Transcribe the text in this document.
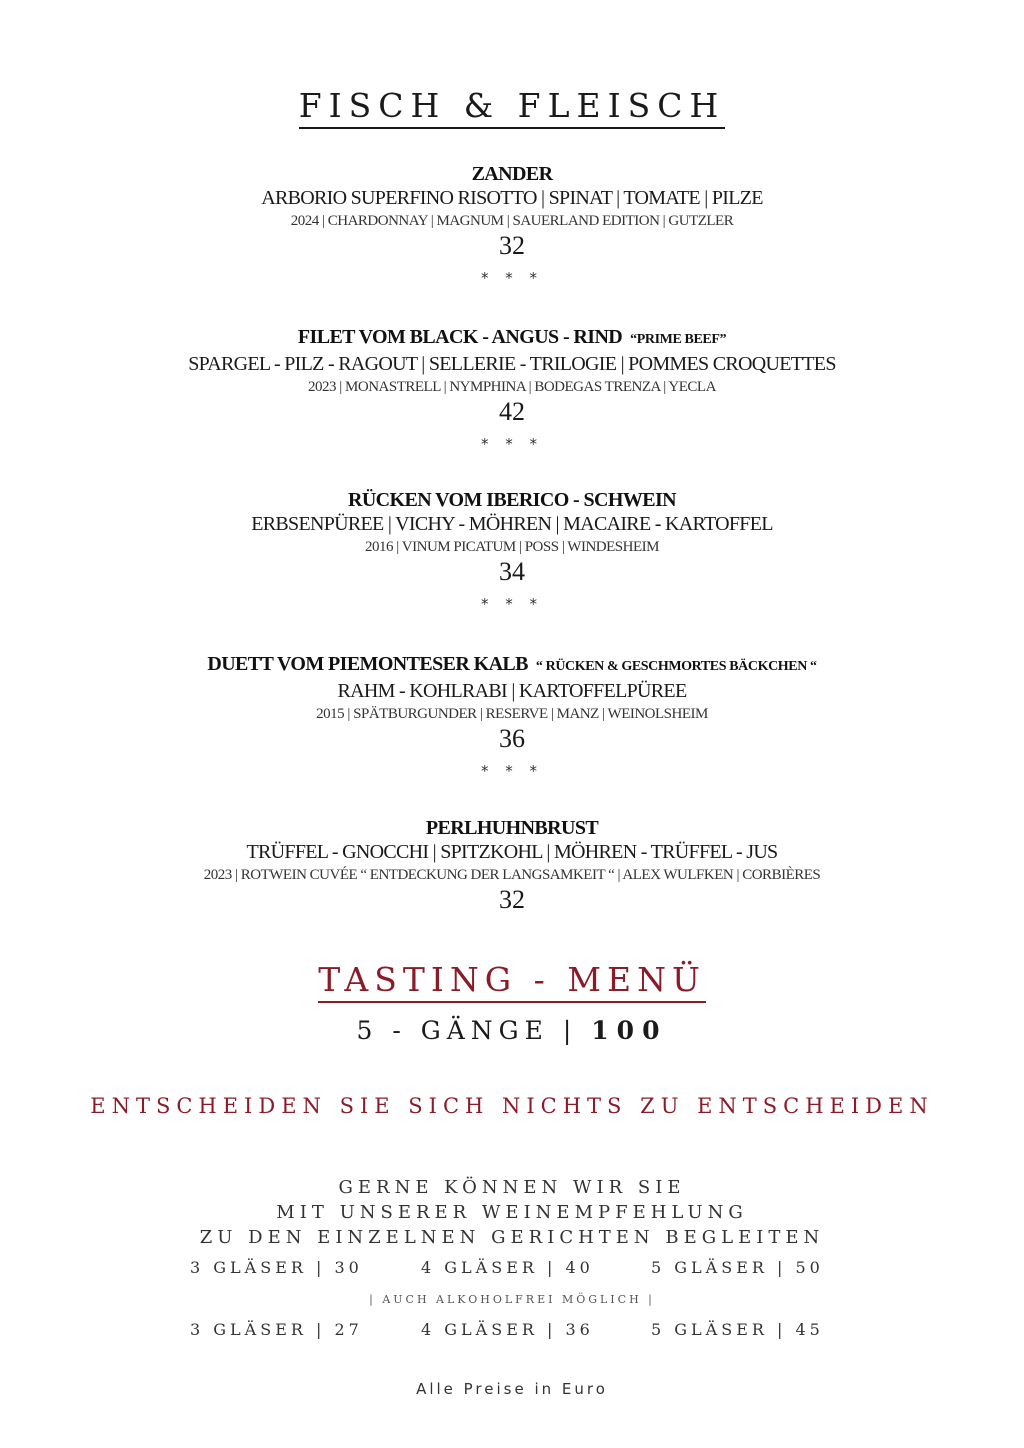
FISCH & FLEISCH
ZANDER
ARBORIO SUPERFINO RISOTTO | SPINAT | TOMATE | PILZE
2024 | CHARDONNAY | MAGNUM | SAUERLAND EDITION | GUTZLER
32
* * *
FILET VOM BLACK - ANGUS - RIND “PRIME BEEF”
SPARGEL - PILZ - RAGOUT | SELLERIE - TRILOGIE | POMMES CROQUETTES
2023 | MONASTRELL | NYMPHINA | BODEGAS TRENZA | YECLA
42
* * *
RÜCKEN VOM IBERICO - SCHWEIN
ERBSENPÜREE | VICHY - MÖHREN | MACAIRE - KARTOFFEL
2016 | VINUM PICATUM | POSS | WINDESHEIM
34
* * *
DUETT VOM PIEMONTESER KALB “ RÜCKEN & GESCHMORTES BÄCKCHEN “
RAHM - KOHLRABI | KARTOFFELPÜREE
2015 | SPÄTBURGUNDER | RESERVE | MANZ | WEINOLSHEIM
36
* * *
PERLHUHNBRUST
TRÜFFEL - GNOCCHI | SPITZKOHL | MÖHREN - TRÜFFEL - JUS
2023 | ROTWEIN CUVÉE “ ENTDECKUNG DER LANGSAMKEIT “ | ALEX WULFKEN | CORBIÈRES
32
TASTING - MENÜ
5 - GÄNGE | 100
ENTSCHEIDEN SIE SICH NICHTS ZU ENTSCHEIDEN
GERNE KÖNNEN WIR SIE
MIT UNSERER WEINEMPFEHLUNG
ZU DEN EINZELNEN GERICHTEN BEGLEITEN
3 GLÄSER | 30	4 GLÄSER | 40	5 GLÄSER | 50
| AUCH ALKOHOLFREI MÖGLICH |
3 GLÄSER | 27	4 GLÄSER | 36	5 GLÄSER | 45
Alle Preise in Euro
